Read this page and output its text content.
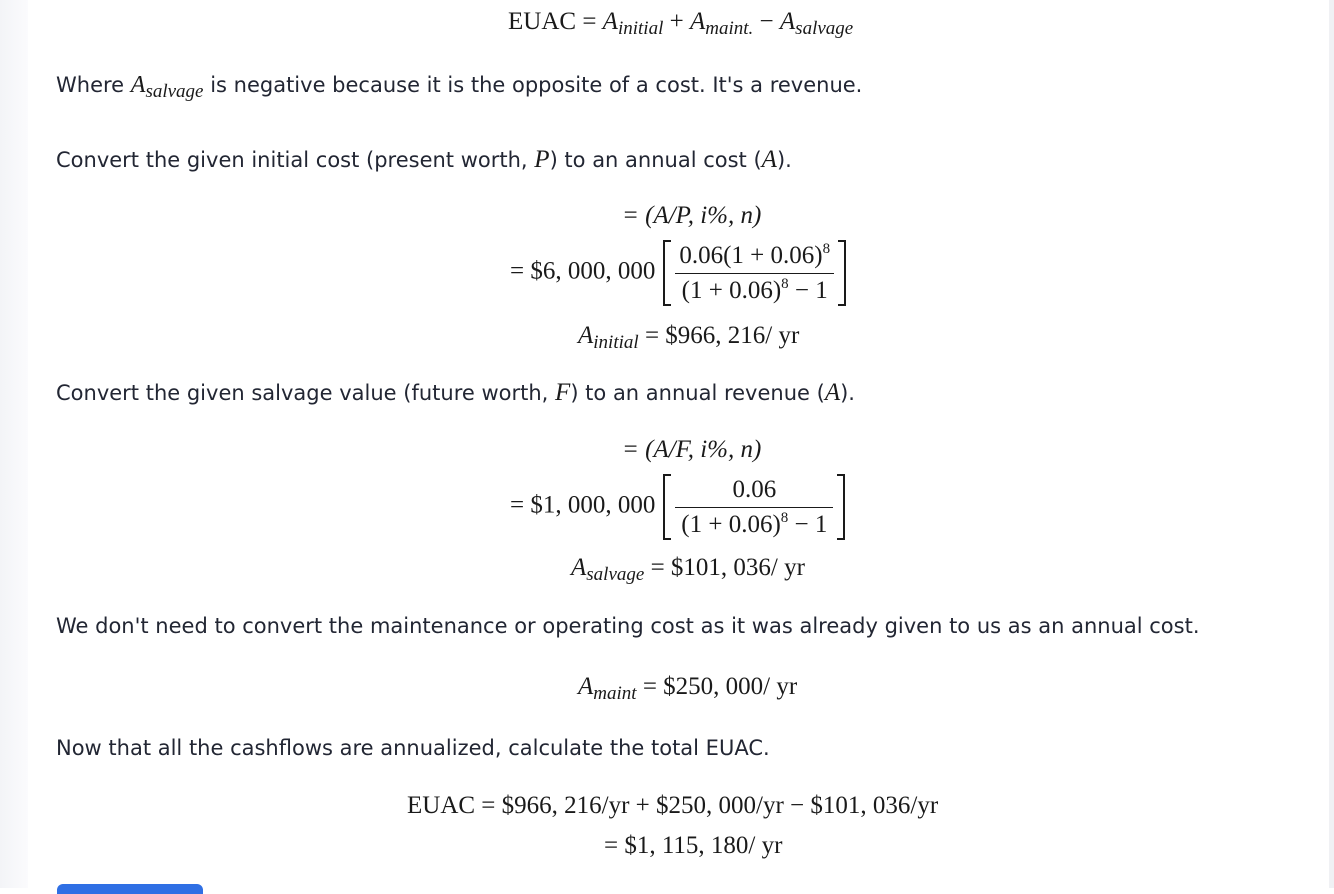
EUAC = $A_{initial} + A_{maint.} - A_{salvage}$
Where $A_{salvage}$ is negative because it is the opposite of a cost. It's a revenue.
Convert the given initial cost (present worth, P) to an annual cost (A).
= (A/P, i%, n)
= $6, 000, $000 \frac{0.06(1 + 0.06)^8}{(1 + 0.06)^8 - 1}$
$A_{initial}$ = $966, 216/ yr
Convert the given salvage value (future worth, F) to an annual revenue (A).
= (A/F, i%, n)
= $1, 000, $000 \frac{0.06}{(1 + 0.06)^8 - 1}$
$A_{salvage}$ = $101, 036/ yr
We don't need to convert the maintenance or operating cost as it was already given to us as an annual cost.
$A_{maint}$ = $250, 000/ yr
Now that all the cashflows are annualized, calculate the total EUAC.
EUAC = $966, 216/yr + $250, 000/yr − $101, 036/yr
= $1, 115, 180/ yr
